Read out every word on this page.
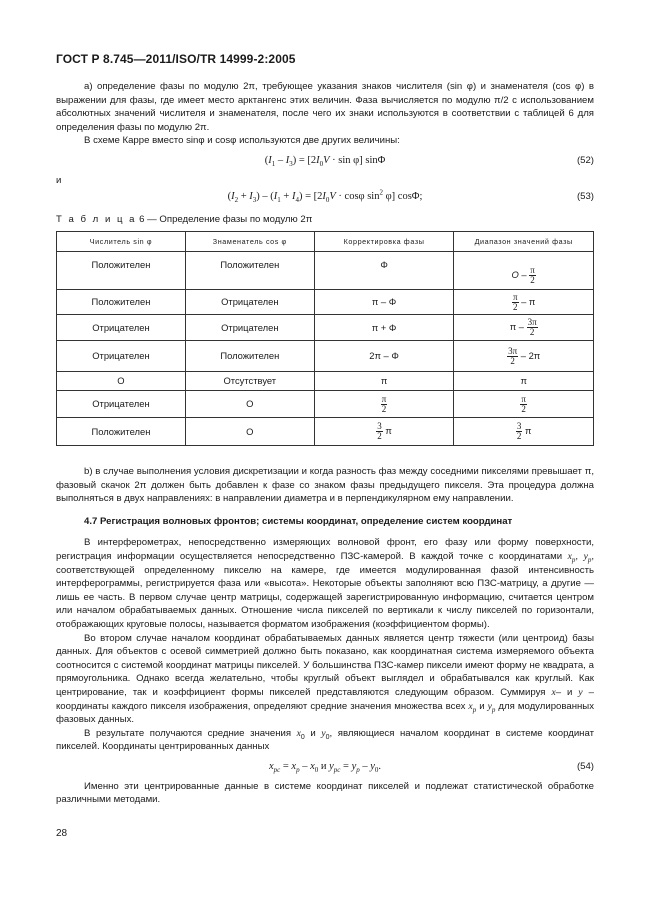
ГОСТ Р 8.745—2011/ISO/TR 14999-2:2005

a) определение фазы по модулю 2π, требующее указания знаков числителя (sin φ) и знаменателя (cos φ) в выражении для фазы, где имеет место арктангенс этих величин. Фаза вычисляется по модулю π/2 с использованием абсолютных значений числителя и знаменателя, после чего их знаки используются в соответствии с таблицей 6 для определения фазы по модулю 2π.

В схеме Карре вместо sinφ и cosφ используются две других величины:

$(I_1 - I_3) = [2I_0V \cdot \sin \varphi]$ sinΦ	(52)

и

$(I_2 + I_3) - (I_1 + I_4) = [2I_0V \cdot \cos\varphi$ $\sin^2 \varphi$] cosΦ;	(53)

Т а б л и ц а 6 — Определение фазы по модулю 2π

Числитель sin φ	Знаменатель cos φ	Корректировка фазы	Диапазон значений фазы
Положителен	Положителен	Φ	O – $\frac{\pi}{2}$

Положителен	Отрицателен	π – Φ	$\frac{\pi}{2}$ – π
Отрицателен	Отрицателен	π + Φ	π – $\frac{3\pi}{2}$

Отрицателен	Положителен	2π – Φ	$\frac{3\pi}{2} - 2\pi$
О	Отсутствует	π	π
Отрицателен	О	$\frac{\pi}{2}$	$\frac{\pi}{2}$

Положителен	О	$\frac{3}{2}$ π	$\frac{3}{2}$ π

b) в случае выполнения условия дискретизации и когда разность фаз между соседними пикселями превышает π, фазовый скачок 2π должен быть добавлен к фазе со знаком фазы предыдущего пикселя. Эта процедура должна выполняться в двух направлениях: в направлении диаметра и в перпендикулярном ему направлении.

4.7 Регистрация волновых фронтов; системы координат, определение систем координат

В интерферометрах, непосредственно измеряющих волновой фронт, его фазу или форму поверхности, регистрация информации осуществляется непосредственно ПЗС-камерой. В каждой точке с координатами $x_p$, $y_p$, соответствующей определенному пикселю на камере, где имеется модулированная фазой интенсивность интерферограммы, регистрируется фаза или «высота». Некоторые объекты заполняют всю ПЗС-матрицу, а другие — лишь ее часть. В первом случае центр матрицы, содержащей зарегистрированную информацию, считается центром или началом обрабатываемых данных. Отношение числа пикселей по вертикали к числу пикселей по горизонтали, отображающих круговые полосы, называется форматом изображения (коэффициентом формы).

Во втором случае началом координат обрабатываемых данных является центр тяжести (или центроид) базы данных. Для объектов с осевой симметрией должно быть показано, как координатная система измеряемого объекта соотносится с системой координат матрицы пикселей. У большинства ПЗС-камер пиксели имеют форму не квадрата, а прямоугольника. Однако всегда желательно, чтобы круглый объект выглядел и обрабатывался как круглый. Как центрирование, так и коэффициент формы пикселей представляются следующим образом. Суммируя x– и y – координаты каждого пикселя изображения, определяют средние значения множества всех $x_p$ и $y_p$ для модулированных фазовых данных.

В результате получаются средние значения $x_0$ и $y_0$, являющиеся началом координат в системе координат пикселей. Координаты центрированных данных

$x_{pc} = x_p - x_0$ и $y_{pc} = y_p - y_0$.	(54)

Именно эти центрированные данные в системе координат пикселей и подлежат статистической обработке различными методами.

28
